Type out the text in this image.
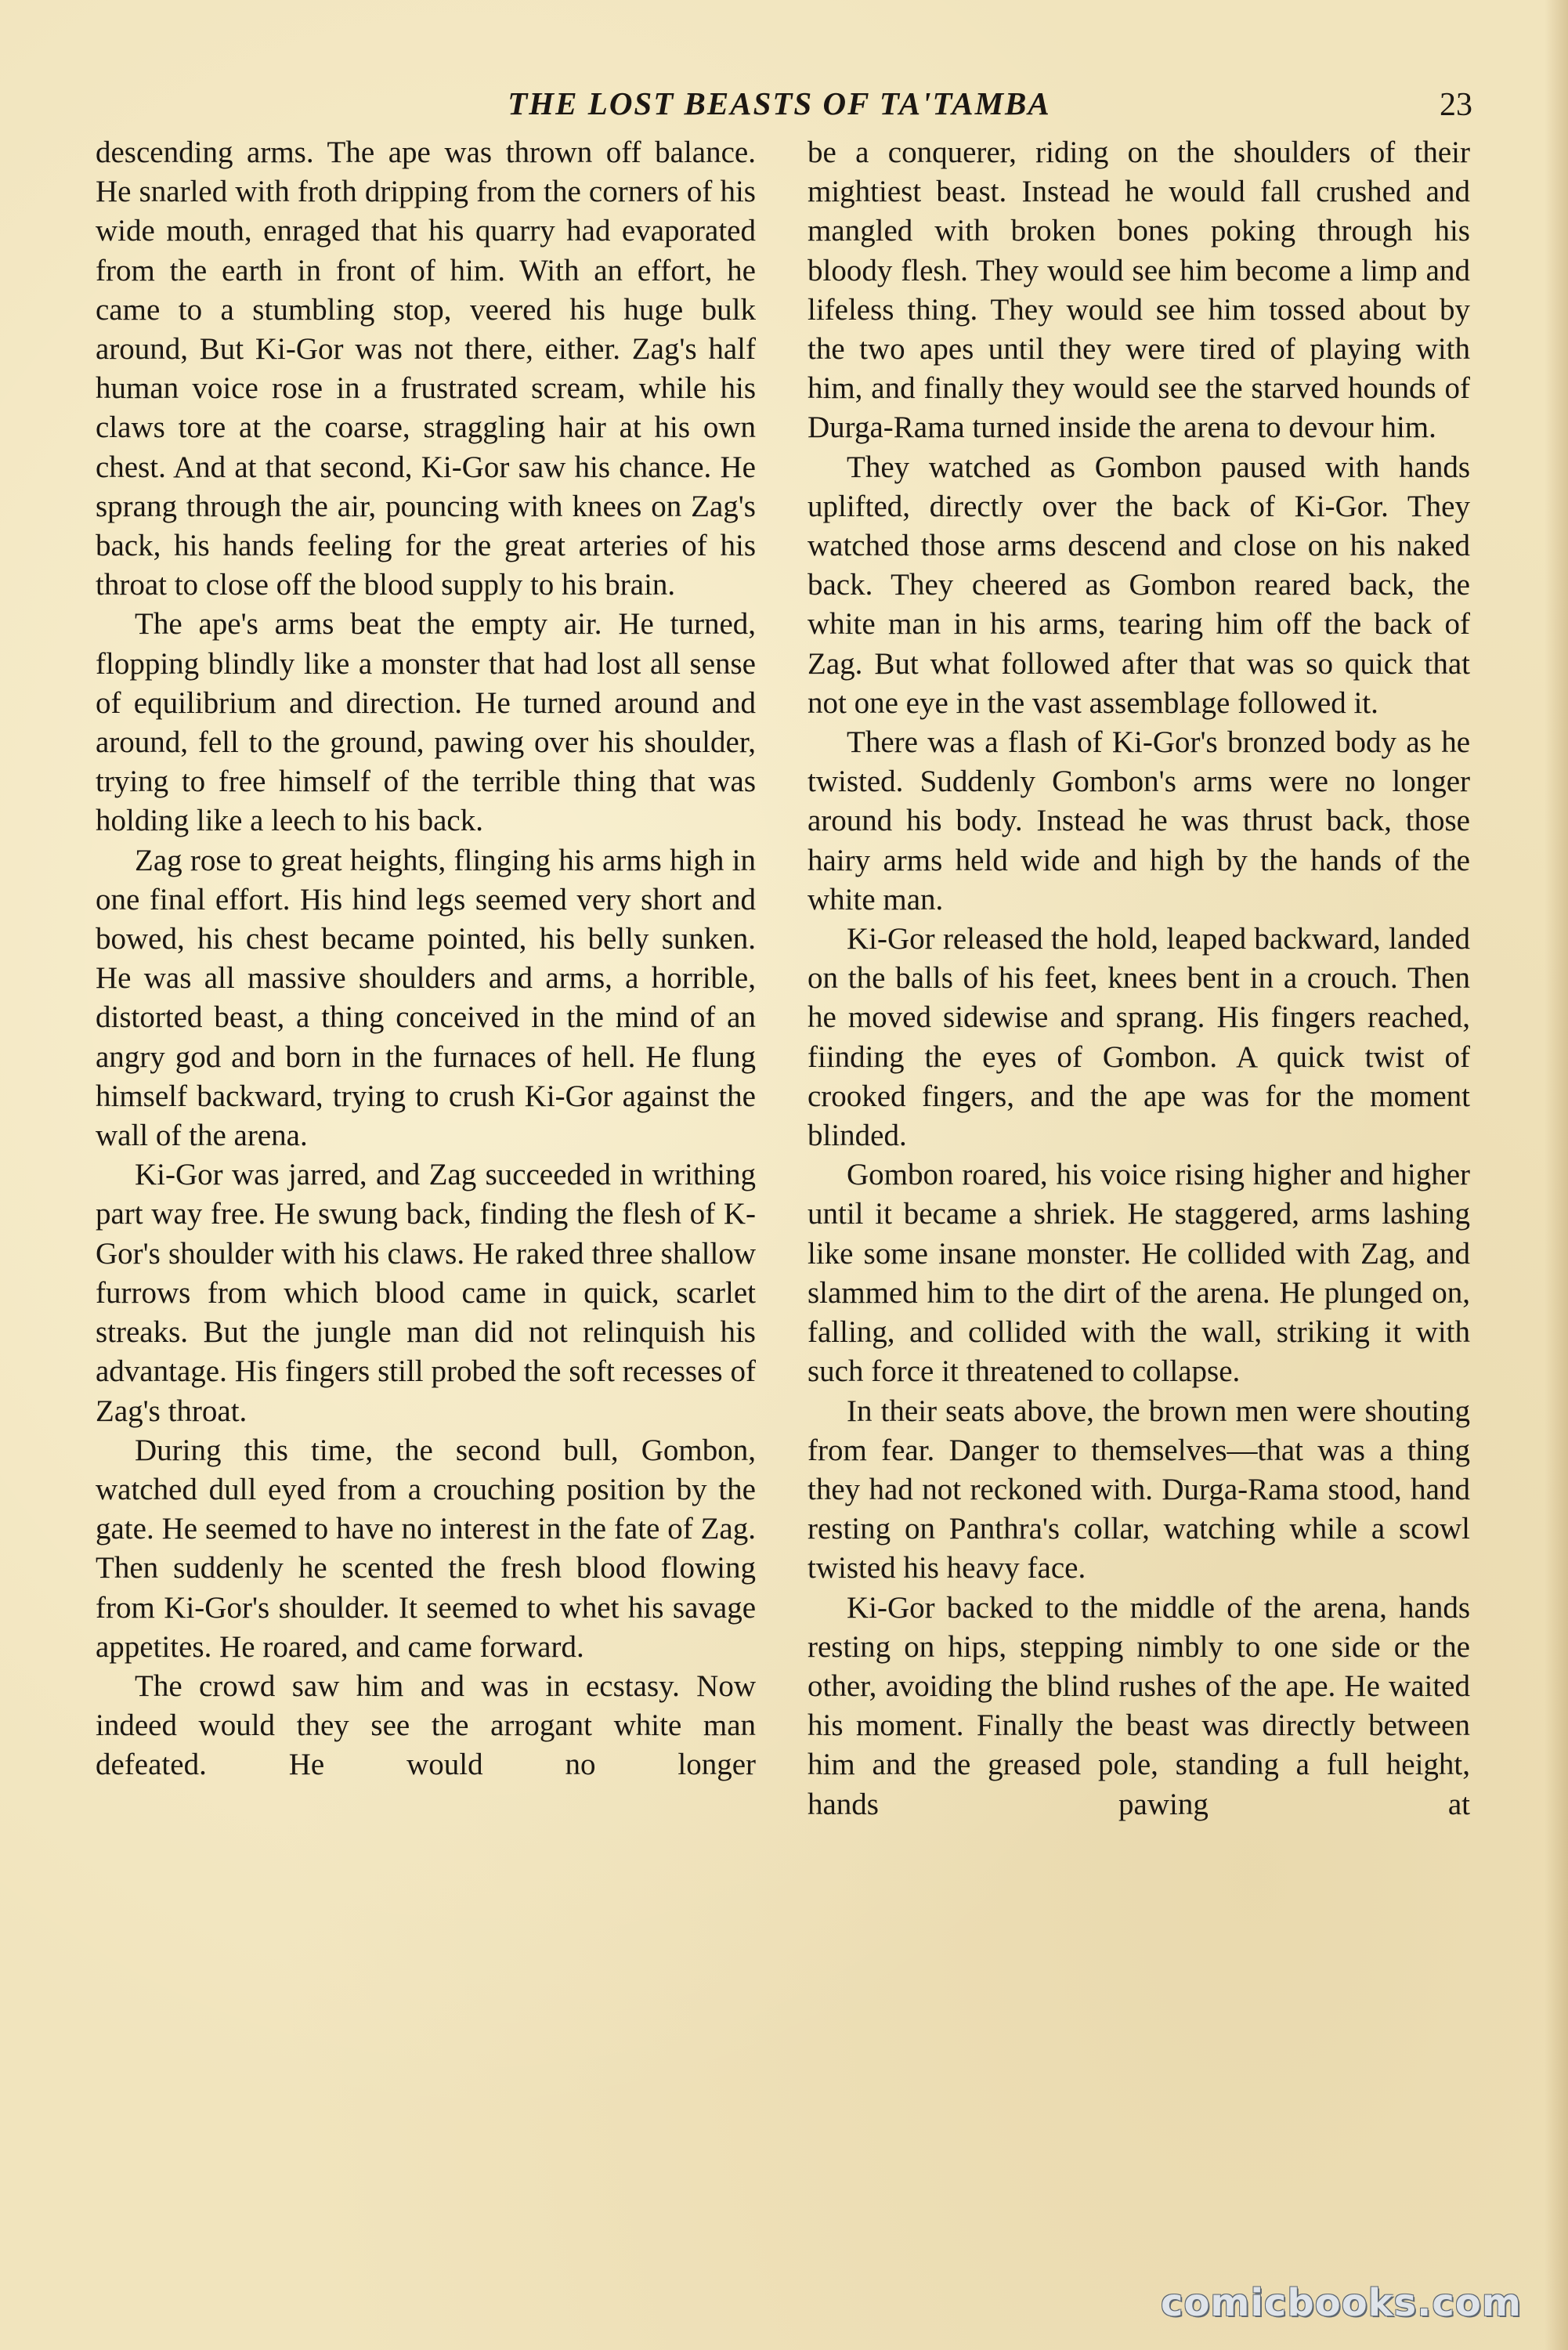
THE LOST BEASTS OF TA'TAMBA	23

descending arms. The ape was thrown off balance. He snarled with froth dripping from the corners of his wide mouth, enraged that his quarry had evaporated from the earth in front of him. With an effort, he came to a stumbling stop, veered his huge bulk around, But Ki-Gor was not there, either. Zag's half human voice rose in a frustrated scream, while his claws tore at the coarse, straggling hair at his own chest. And at that second, Ki-Gor saw his chance. He sprang through the air, pouncing with knees on Zag's back, his hands feeling for the great arteries of his throat to close off the blood supply to his brain.

The ape's arms beat the empty air. He turned, flopping blindly like a monster that had lost all sense of equilibrium and direction. He turned around and around, fell to the ground, pawing over his shoulder, trying to free himself of the terrible thing that was holding like a leech to his back.

Zag rose to great heights, flinging his arms high in one final effort. His hind legs seemed very short and bowed, his chest became pointed, his belly sunken. He was all massive shoulders and arms, a horrible, distorted beast, a thing conceived in the mind of an angry god and born in the furnaces of hell. He flung himself backward, trying to crush Ki-Gor against the wall of the arena.

Ki-Gor was jarred, and Zag succeeded in writhing part way free. He swung back, finding the flesh of K-Gor's shoulder with his claws. He raked three shallow furrows from which blood came in quick, scarlet streaks. But the jungle man did not relinquish his advantage. His fingers still probed the soft recesses of Zag's throat.

During this time, the second bull, Gombon, watched dull eyed from a crouching position by the gate. He seemed to have no interest in the fate of Zag. Then suddenly he scented the fresh blood flowing from Ki-Gor's shoulder. It seemed to whet his savage appetites. He roared, and came forward.

The crowd saw him and was in ecstasy. Now indeed would they see the arrogant white man defeated. He would no longer

be a conquerer, riding on the shoulders of their mightiest beast. Instead he would fall crushed and mangled with broken bones poking through his bloody flesh. They would see him become a limp and lifeless thing. They would see him tossed about by the two apes until they were tired of playing with him, and finally they would see the starved hounds of Durga-Rama turned inside the arena to devour him.

They watched as Gombon paused with hands uplifted, directly over the back of Ki-Gor. They watched those arms descend and close on his naked back. They cheered as Gombon reared back, the white man in his arms, tearing him off the back of Zag. But what followed after that was so quick that not one eye in the vast assemblage followed it.

There was a flash of Ki-Gor's bronzed body as he twisted. Suddenly Gombon's arms were no longer around his body. Instead he was thrust back, those hairy arms held wide and high by the hands of the white man.

Ki-Gor released the hold, leaped backward, landed on the balls of his feet, knees bent in a crouch. Then he moved sidewise and sprang. His fingers reached, fiinding the eyes of Gombon. A quick twist of crooked fingers, and the ape was for the moment blinded.

Gombon roared, his voice rising higher and higher until it became a shriek. He staggered, arms lashing like some insane monster. He collided with Zag, and slammed him to the dirt of the arena. He plunged on, falling, and collided with the wall, striking it with such force it threatened to collapse.

In their seats above, the brown men were shouting from fear. Danger to themselves—that was a thing they had not reckoned with. Durga-Rama stood, hand resting on Panthra's collar, watching while a scowl twisted his heavy face.

Ki-Gor backed to the middle of the arena, hands resting on hips, stepping nimbly to one side or the other, avoiding the blind rushes of the ape. He waited his moment. Finally the beast was directly between him and the greased pole, standing a full height, hands pawing at

comicbooks.com
